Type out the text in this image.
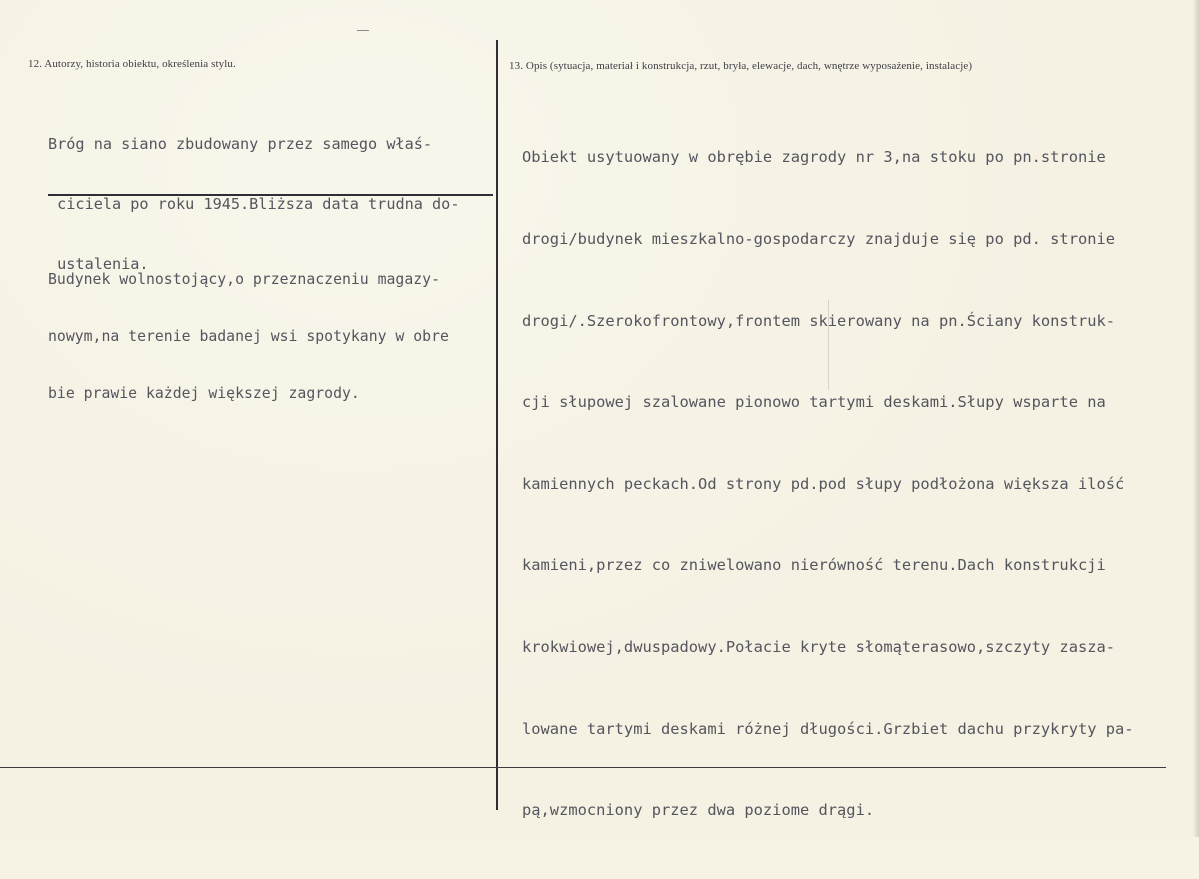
12. Autorzy, historia obiektu, określenia stylu.	13. Opis (sytuacja, materiał i konstrukcja, rzut, bryła, elewacje, dach, wnętrze wyposażenie, instalacje)

Bróg na siano zbudowany przez samego właś-

ciciela po roku 1945.Bliższa data trudna do-

ustalenia.

Budynek wolnostojący,o przeznaczeniu magazy-

nowym,na terenie badanej wsi spotykany w obre

bie prawie każdej większej zagrody.

Obiekt usytuowany w obrębie zagrody nr 3,na stoku po pn.stronie

drogi/budynek mieszkalno-gospodarczy znajduje się po pd. stronie

drogi/.Szerokofrontowy,frontem skierowany na pn.Ściany konstruk-

cji słupowej szalowane pionowo tartymi deskami.Słupy wsparte na

kamiennych peckach.Od strony pd.pod słupy podłożona większa ilość

kamieni,przez co zniwelowano nierówność terenu.Dach konstrukcji

krokwiowej,dwuspadowy.Połacie kryte słomąterasowo,szczyty zasza-

lowane tartymi deskami różnej długości.Grzbiet dachu przykryty pa-

pą,wzmocniony przez dwa poziome drągi.
